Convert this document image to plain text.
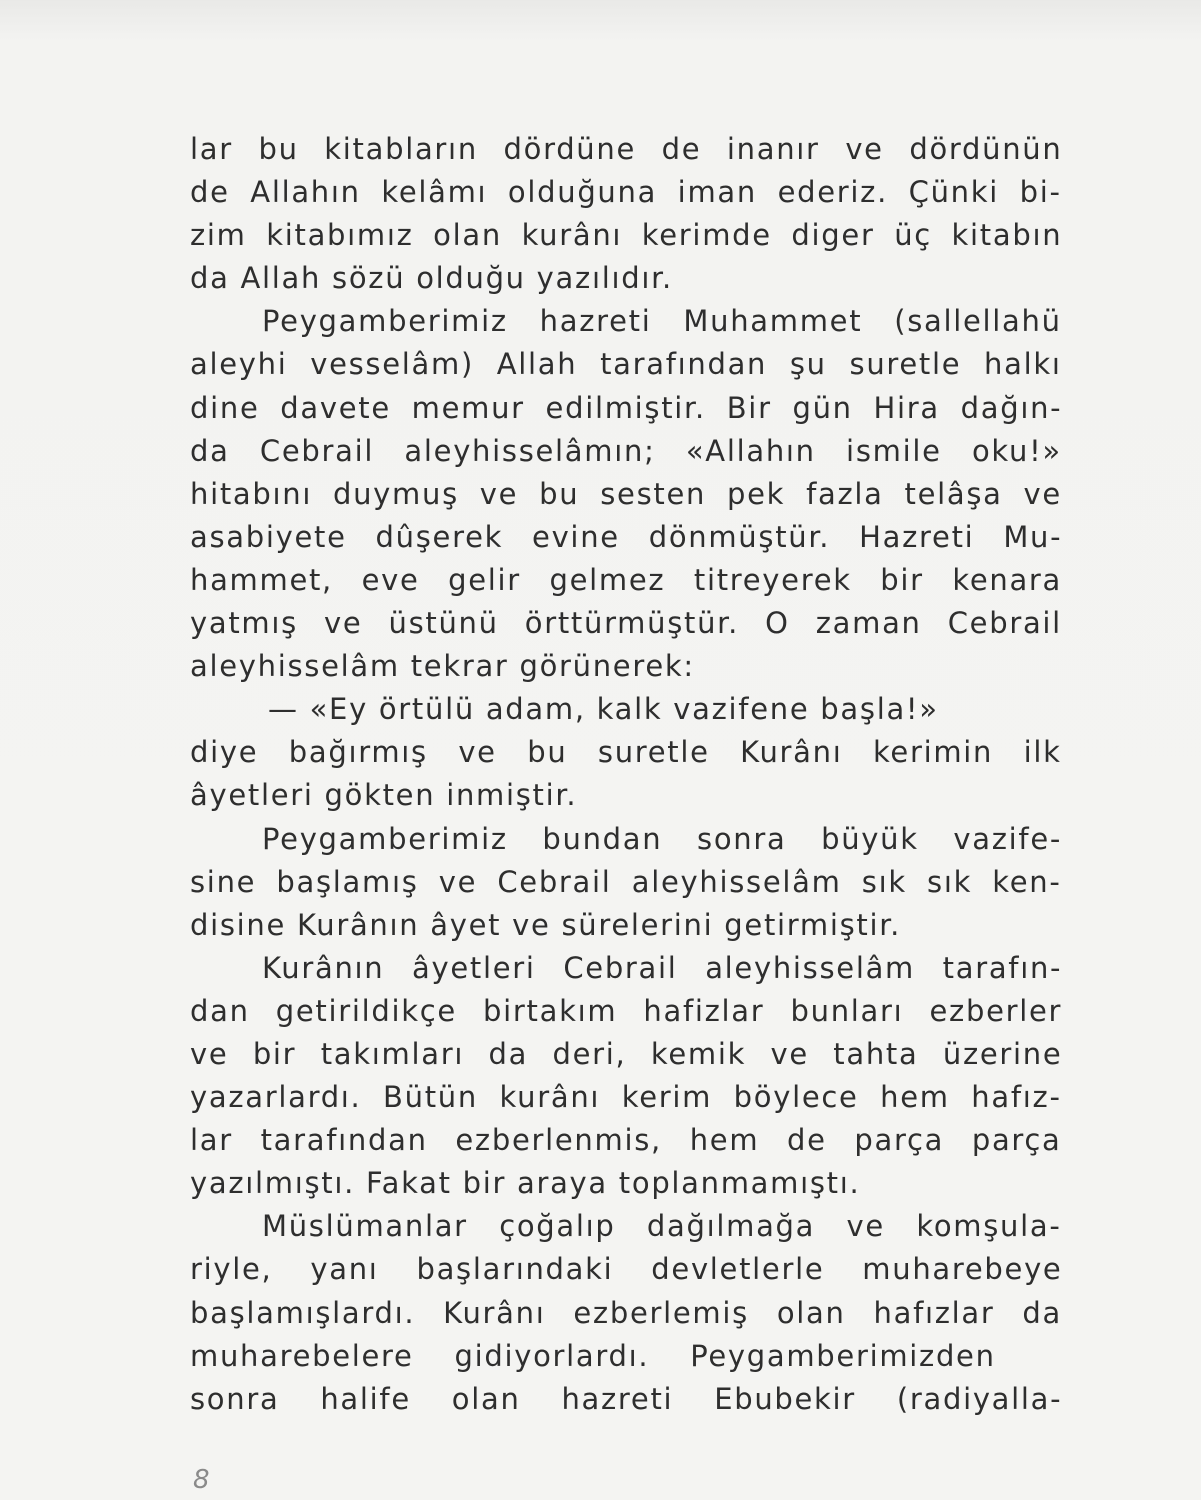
lar bu kitabların dördüne de inanır ve dördünün
de Allahın kelâmı olduğuna iman ederiz. Çünki bi-
zim kitabımız olan kurânı kerimde diger üç kitabın
da Allah sözü olduğu yazılıdır.
Peygamberimiz hazreti Muhammet (sallellahü
aleyhi vesselâm) Allah tarafından şu suretle halkı
dine davete memur edilmiştir. Bir gün Hira dağın-
da Cebrail aleyhisselâmın; «Allahın ismile oku!»
hitabını duymuş ve bu sesten pek fazla telâşa ve
asabiyete dûşerek evine dönmüştür. Hazreti Mu-
hammet, eve gelir gelmez titreyerek bir kenara
yatmış ve üstünü örttürmüştür. O zaman Cebrail
aleyhisselâm tekrar görünerek:
— «Ey örtülü adam, kalk vazifene başla!»
diye bağırmış ve bu suretle Kurânı kerimin ilk
âyetleri gökten inmiştir.
Peygamberimiz bundan sonra büyük vazife-
sine başlamış ve Cebrail aleyhisselâm sık sık ken-
disine Kurânın âyet ve sürelerini getirmiştir.
Kurânın âyetleri Cebrail aleyhisselâm tarafın-
dan getirildikçe birtakım hafizlar bunları ezberler
ve bir takımları da deri, kemik ve tahta üzerine
yazarlardı. Bütün kurânı kerim böylece hem hafız-
lar tarafından ezberlenmis, hem de parça parça
yazılmıştı. Fakat bir araya toplanmamıştı.
Müslümanlar çoğalıp dağılmağa ve komşula-
riyle, yanı başlarındaki devletlerle muharebeye
başlamışlardı. Kurânı ezberlemiş olan hafızlar da
muharebelere gidiyorlardı. Peygamberimizden
sonra halife olan hazreti Ebubekir (radiyalla-
8
